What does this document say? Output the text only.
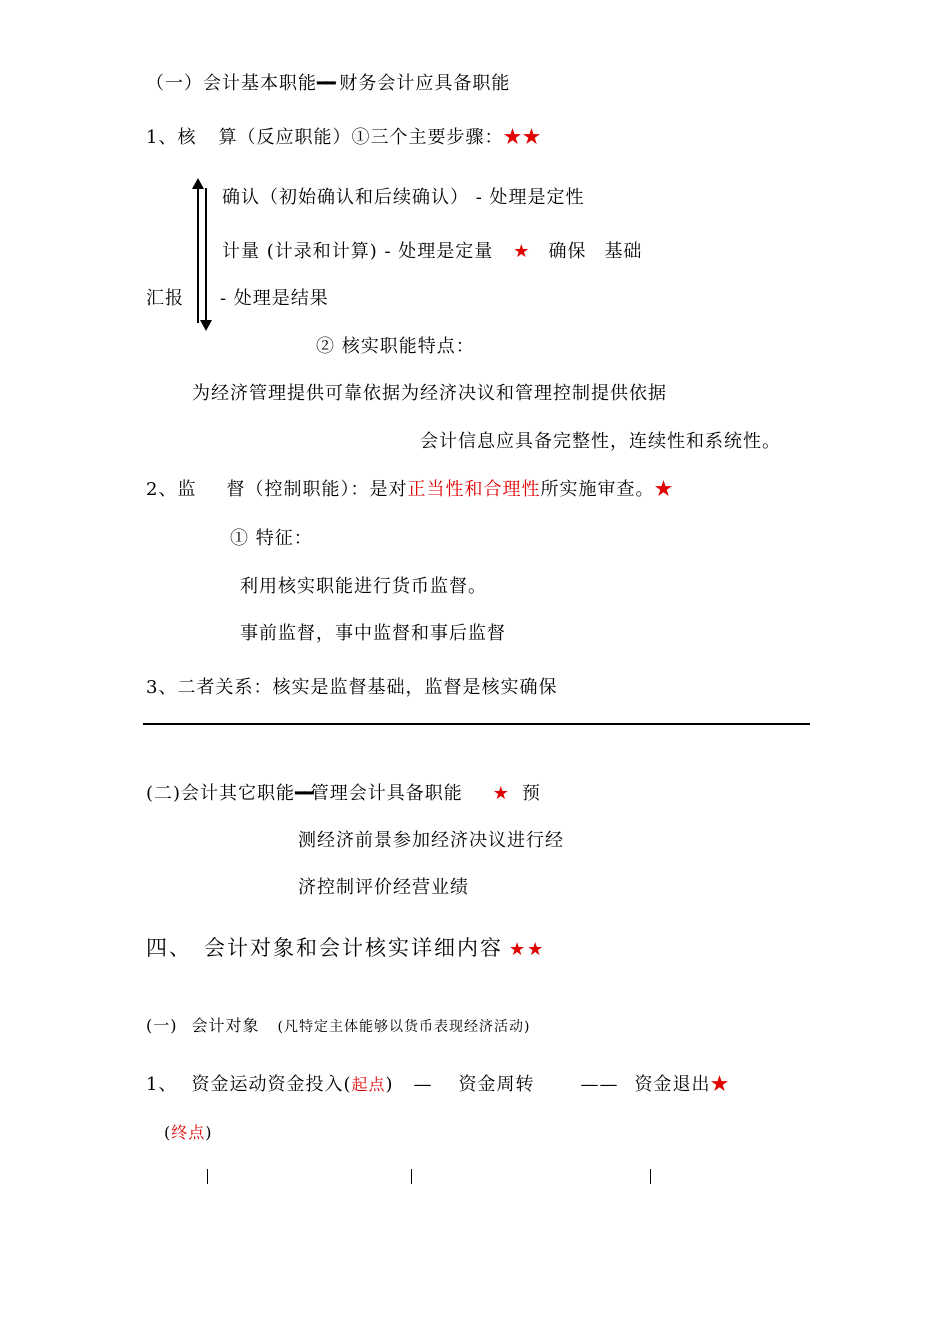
（一）会计基本职能━━ 财务会计应具备职能
1、核 算（反应职能）①三个主要步骤：★★
确认（初始确认和后续确认） - 处理是定性
计量 (计录和计算) - 处理是定量 ★ 确保 基础
汇报 - 处理是结果
② 核实职能特点：
为经济管理提供可靠依据为经济决议和管理控制提供依据
会计信息应具备完整性，连续性和系统性。
2、监 督（控制职能）：是对正当性和合理性所实施审查。★
① 特征：
利用核实职能进行货币监督。
事前监督，事中监督和事后监督
3、二者关系：核实是监督基础，监督是核实确保
(二)会计其它职能━━管理会计具备职能 ★ 预
测经济前景参加经济决议进行经
济控制评价经营业绩
四、 会计对象和会计核实详细内容 ★★
(一) 会计对象 (凡特定主体能够以货币表现经济活动)
1、 资金运动资金投入(起点) — 资金周转	—— 资金退出★
(终点)
